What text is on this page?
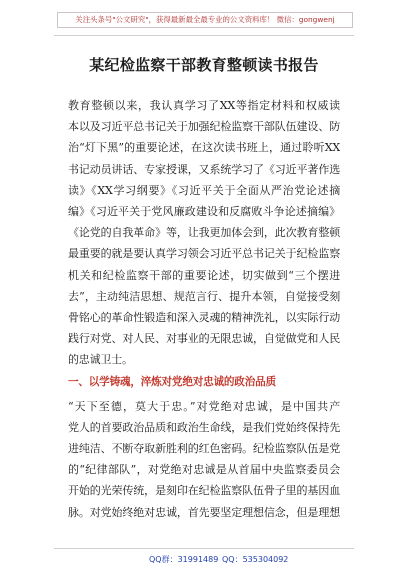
关注头条号"公文研究"，获得最新最全最专业的公文资料库！ 微信：gongwenj
某纪检监察干部教育整顿读书报告
教育整顿以来，我认真学习了XX等指定材料和权威读
本以及习近平总书记关于加强纪检监察干部队伍建设、防
治“灯下黑”的重要论述，在这次读书班上，通过聆听XX
书记动员讲话、专家授课，又系统学习了《习近平著作选
读》《XX学习纲要》《习近平关于全面从严治党论述摘
编》《习近平关于党风廉政建设和反腐败斗争论述摘编》
《论党的自我革命》等，让我更加体会到，此次教育整顿
最重要的就是要认真学习领会习近平总书记关于纪检监察
机关和纪检监察干部的重要论述，切实做到“三个摆进
去”，主动纯洁思想、规范言行、提升本领，自觉接受刻
骨铭心的革命性锻造和深入灵魂的精神洗礼，以实际行动
践行对党、对人民、对事业的无限忠诚，自觉做党和人民
的忠诚卫士。
一、以学铸魂，淬炼对党绝对忠诚的政治品质
“天下至德，莫大于忠。”对党绝对忠诚，是中国共产
党人的首要政治品质和政治生命线，是我们党始终保持先
进纯洁、不断夺取新胜利的红色密码。纪检监察队伍是党
的“纪律部队”，对党绝对忠诚是从首届中央监察委员会
开始的光荣传统，是刻印在纪检监察队伍骨子里的基因血
脉。对党始终绝对忠诚，首先要坚定理想信念，但是理想
QQ群：31991489 QQ：535304092
